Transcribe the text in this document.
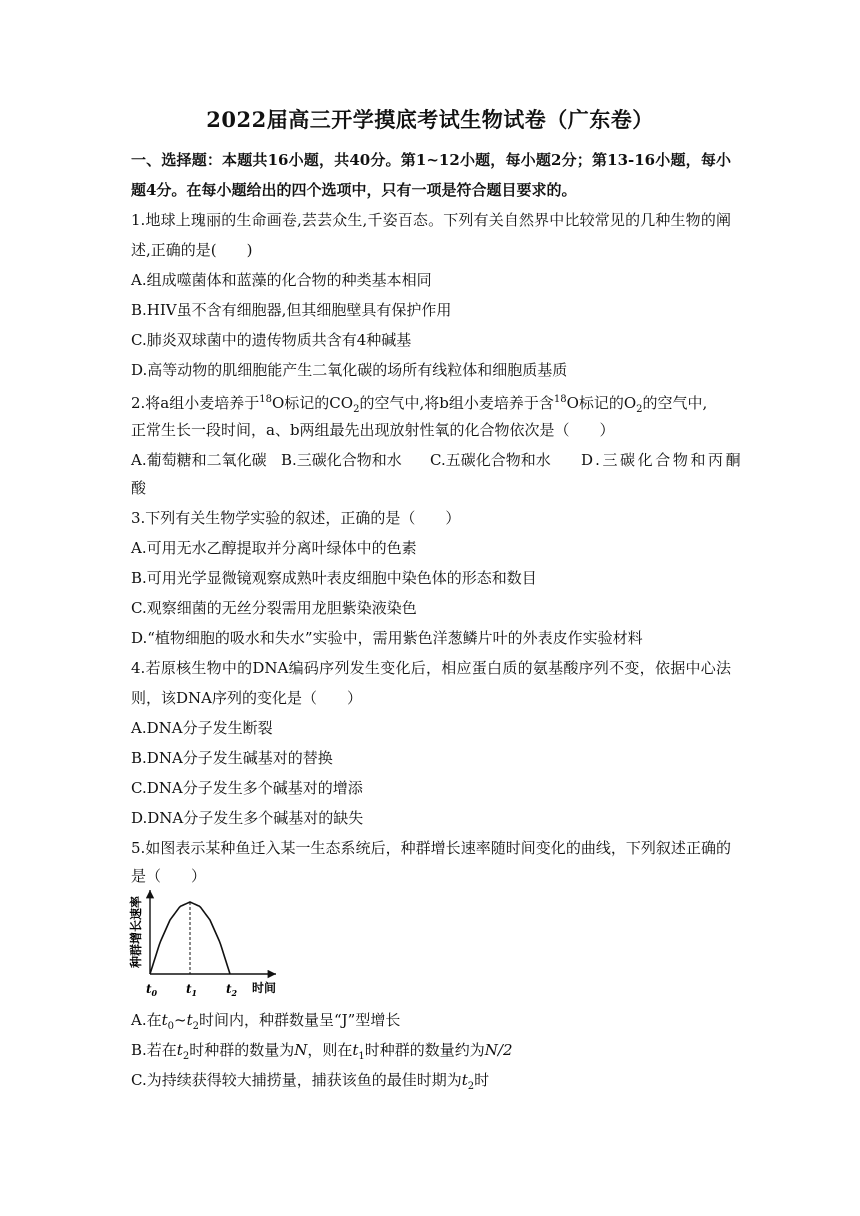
2022届高三开学摸底考试生物试卷（广东卷）
一、选择题：本题共16小题，共40分。第1~12小题，每小题2分；第13-16小题，每小
题4分。在每小题给出的四个选项中，只有一项是符合题目要求的。
1.地球上瑰丽的生命画卷,芸芸众生,千姿百态。下列有关自然界中比较常见的几种生物的阐
述,正确的是(　　)
A.组成噬菌体和蓝藻的化合物的种类基本相同
B.HIV虽不含有细胞器,但其细胞壁具有保护作用
C.肺炎双球菌中的遗传物质共含有4种碱基
D.高等动物的肌细胞能产生二氧化碳的场所有线粒体和细胞质基质
2.将a组小麦培养于$^{18}$O标记的$CO_2$的空气中,将b组小麦培养于含$^{18}$O标记的$O_2$的空气中,
正常生长一段时间，a、b两组最先出现放射性氧的化合物依次是（　　）
A.葡萄糖和二氧化碳 B.三碳化合物和水 C.五碳化合物和水 D.三碳化合物和丙酮
酸
3.下列有关生物学实验的叙述，正确的是（　　）
A.可用无水乙醇提取并分离叶绿体中的色素
B.可用光学显微镜观察成熟叶表皮细胞中染色体的形态和数目
C.观察细菌的无丝分裂需用龙胆紫染液染色
D.“植物细胞的吸水和失水”实验中，需用紫色洋葱鳞片叶的外表皮作实验材料
4.若原核生物中的DNA编码序列发生变化后，相应蛋白质的氨基酸序列不变，依据中心法
则，该DNA序列的变化是（　　）
A.DNA分子发生断裂
B.DNA分子发生碱基对的替换
C.DNA分子发生多个碱基对的增添
D.DNA分子发生多个碱基对的缺失
5.如图表示某种鱼迁入某一生态系统后，种群增长速率随时间变化的曲线，下列叙述正确的
是（　　）
种群增长速率
时间
$t_0$ $t_1$ $t_2$
A.在$t_0\sim t_2$时间内，种群数量呈“J”型增长
B.若在$t_2$时种群的数量为N，则在$t_1$时种群的数量约为N/2
C.为持续获得较大捕捞量，捕获该鱼的最佳时期为$t_2$时
